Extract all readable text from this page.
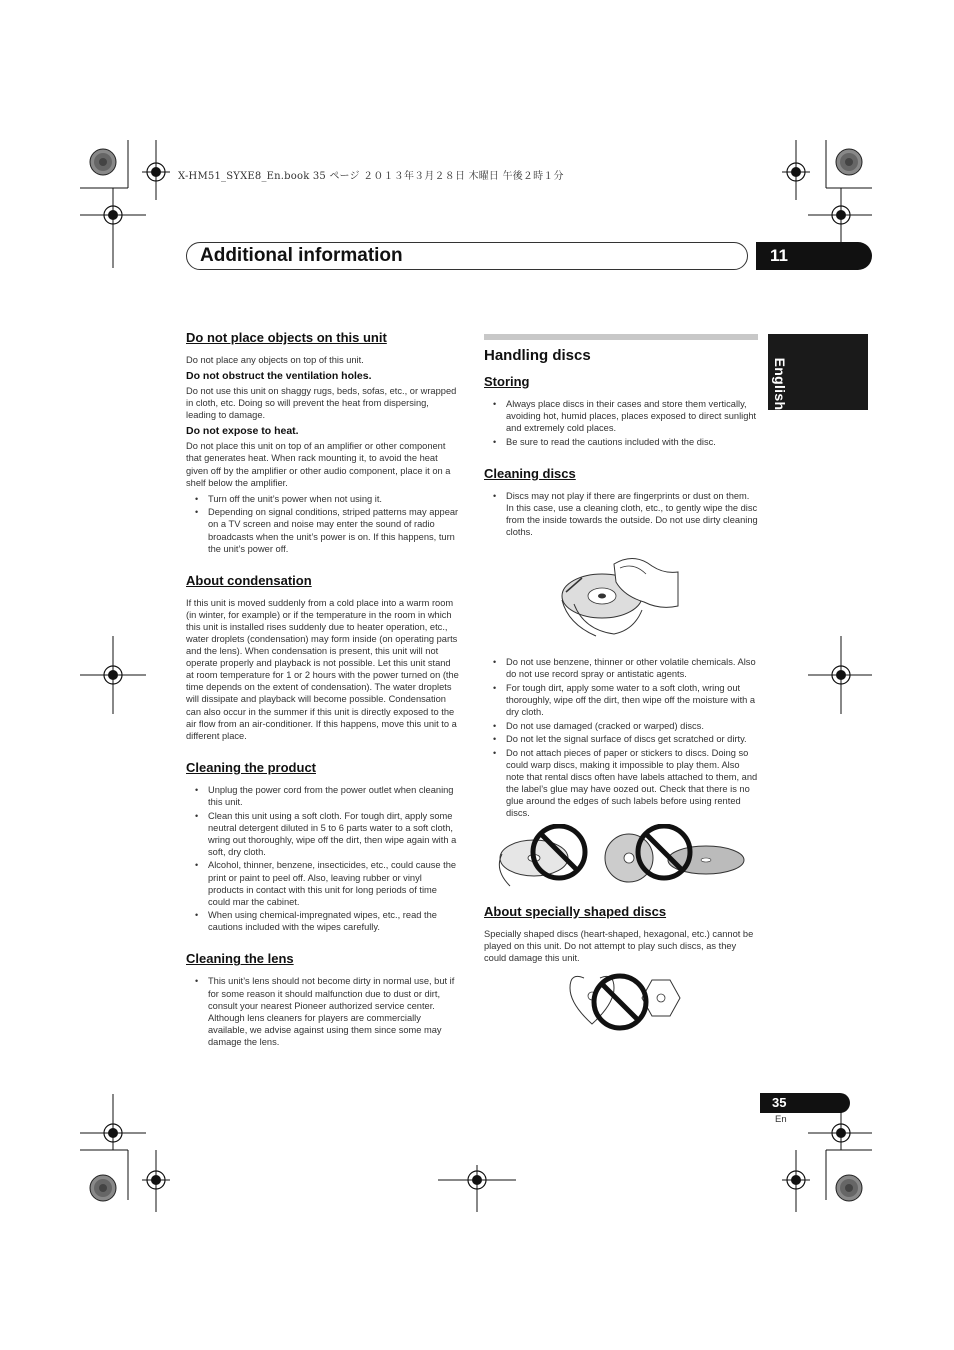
X-HM51_SYXE8_En.book 35 ページ ２０１３年３月２８日 木曜日 午後２時１分
Additional information	11
English
Do not place objects on this unit

Do not place any objects on top of this unit.

Do not obstruct the ventilation holes.

Do not use this unit on shaggy rugs, beds, sofas, etc., or wrapped in cloth, etc. Doing so will prevent the heat from dispersing, leading to damage.

Do not expose to heat.

Do not place this unit on top of an amplifier or other component that generates heat. When rack mounting it, to avoid the heat given off by the amplifier or other audio component, place it on a shelf below the amplifier.

• Turn off the unit’s power when not using it.
• Depending on signal conditions, striped patterns may appear on a TV screen and noise may enter the sound of radio broadcasts when the unit’s power is on. If this happens, turn the unit’s power off.
About condensation

If this unit is moved suddenly from a cold place into a warm room (in winter, for example) or if the temperature in the room in which this unit is installed rises suddenly due to heater operation, etc., water droplets (condensation) may form inside (on operating parts and the lens). When condensation is present, this unit will not operate properly and playback is not possible. Let this unit stand at room temperature for 1 or 2 hours with the power turned on (the time depends on the extent of condensation). The water droplets will dissipate and playback will become possible. Condensation can also occur in the summer if this unit is directly exposed to the air flow from an air-conditioner. If this happens, move this unit to a different place.

Cleaning the product
• Unplug the power cord from the power outlet when cleaning this unit.
• Clean this unit using a soft cloth. For tough dirt, apply some neutral detergent diluted in 5 to 6 parts water to a soft cloth, wring out thoroughly, wipe off the dirt, then wipe again with a soft, dry cloth.
• Alcohol, thinner, benzene, insecticides, etc., could cause the print or paint to peel off. Also, leaving rubber or vinyl products in contact with this unit for long periods of time could mar the cabinet.
• When using chemical-impregnated wipes, etc., read the cautions included with the wipes carefully.
Cleaning the lens
• This unit’s lens should not become dirty in normal use, but if for some reason it should malfunction due to dust or dirt, consult your nearest Pioneer authorized service center. Although lens cleaners for players are commercially available, we advise against using them since some may damage the lens.
Handling discs
Storing
• Always place discs in their cases and store them vertically, avoiding hot, humid places, places exposed to direct sunlight and extremely cold places.
• Be sure to read the cautions included with the disc.
Cleaning discs
• Discs may not play if there are fingerprints or dust on them. In this case, use a cleaning cloth, etc., to gently wipe the disc from the inside towards the outside. Do not use dirty cleaning cloths.
• Do not use benzene, thinner or other volatile chemicals. Also do not use record spray or antistatic agents.
• For tough dirt, apply some water to a soft cloth, wring out thoroughly, wipe off the dirt, then wipe off the moisture with a dry cloth.
• Do not use damaged (cracked or warped) discs.
• Do not let the signal surface of discs get scratched or dirty.
• Do not attach pieces of paper or stickers to discs. Doing so could warp discs, making it impossible to play them. Also note that rental discs often have labels attached to them, and the label’s glue may have oozed out. Check that there is no glue around the edges of such labels before using rented discs.
About specially shaped discs

Specially shaped discs (heart-shaped, hexagonal, etc.) cannot be played on this unit. Do not attempt to play such discs, as they could damage this unit.

35
En
